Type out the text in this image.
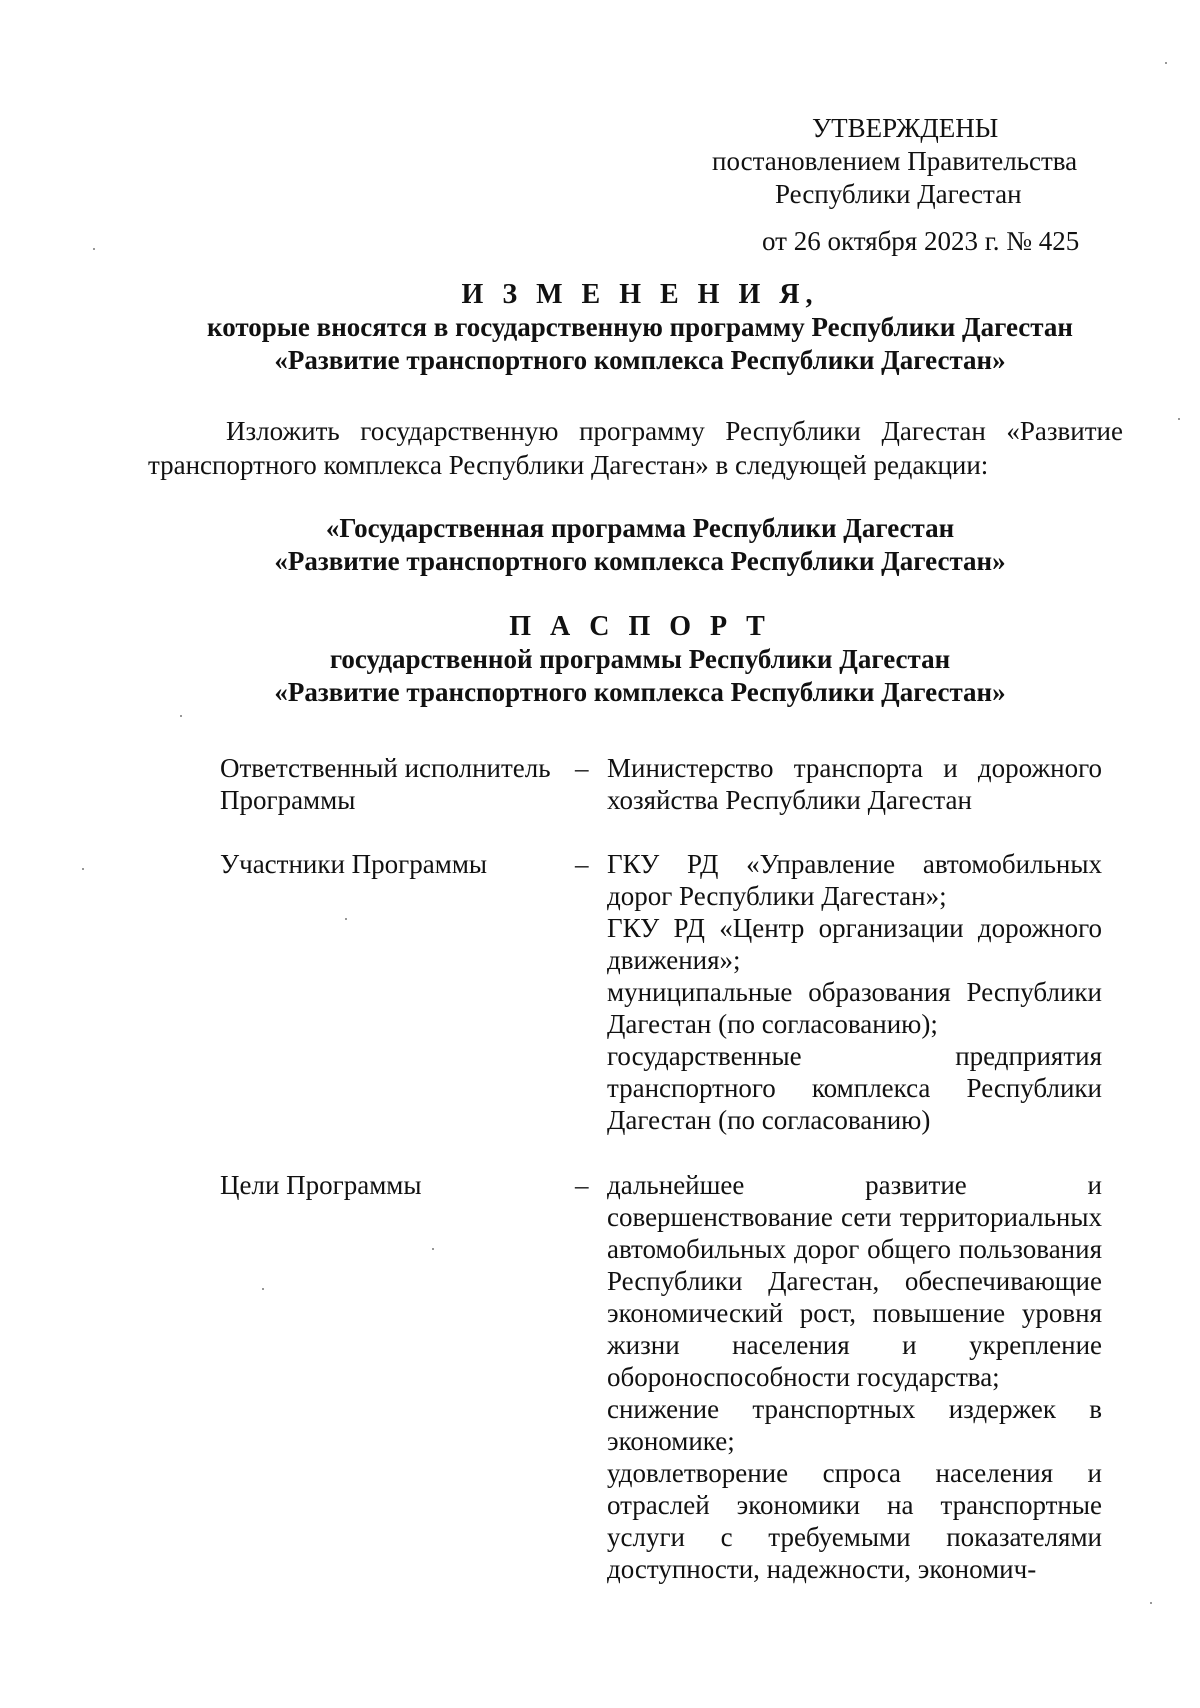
УТВЕРЖДЕНЫ
постановлением Правительства
Республики Дагестан
от 26 октября 2023 г. № 425
И З М Е Н Е Н И Я,
которые вносятся в государственную программу Республики Дагестан
«Развитие транспортного комплекса Республики Дагестан»
Изложить государственную программу Республики Дагестан «Развитие транспортного комплекса Республики Дагестан» в следующей редакции:
«Государственная программа Республики Дагестан
«Развитие транспортного комплекса Республики Дагестан»
П А С П О Р Т
государственной программы Республики Дагестан
«Развитие транспортного комплекса Республики Дагестан»
Ответственный исполнитель Программы
– Министерство транспорта и дорожного хозяйства Республики Дагестан
Участники Программы	– ГКУ РД «Управление автомобильных дорог Республики Дагестан»;
ГКУ РД «Центр организации дорожного движения»;
муниципальные образования Республики Дагестан (по согласованию);
государственные предприятия транспортного комплекса Республики Дагестан (по согласованию)
Цели Программы	– дальнейшее развитие и совершенствование сети территориальных автомобильных дорог общего пользования Республики Дагестан, обеспечивающие экономический рост, повышение уровня жизни населения и укрепление обороноспособности государства;
снижение транспортных издержек в экономике;
удовлетворение спроса населения и отраслей экономики на транспортные услуги с требуемыми показателями доступности, надежности, экономич-
